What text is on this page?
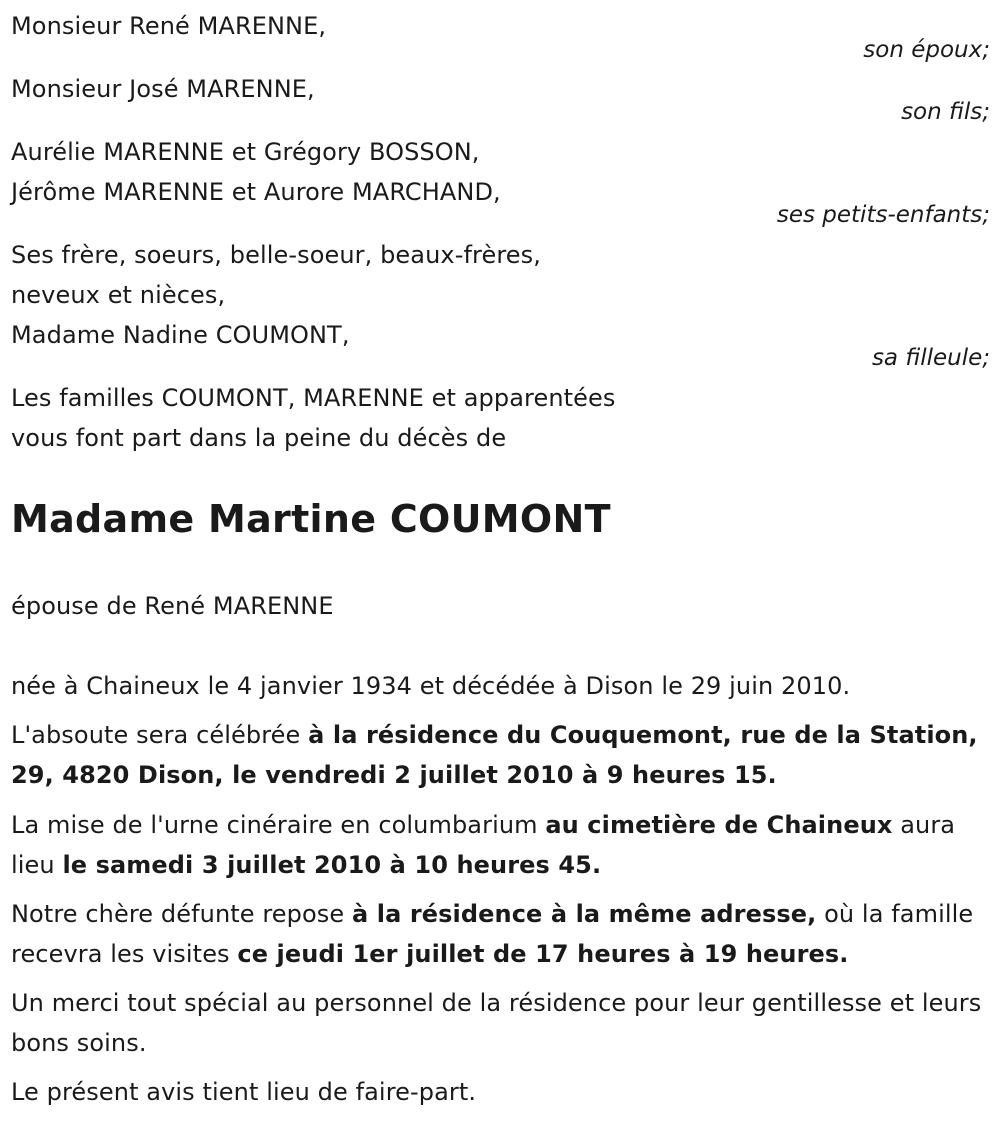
Monsieur René MARENNE,
son époux;
Monsieur José MARENNE,
son fils;
Aurélie MARENNE et Grégory BOSSON,
Jérôme MARENNE et Aurore MARCHAND,
ses petits-enfants;
Ses frère, soeurs, belle-soeur, beaux-frères,
neveux et nièces,
Madame Nadine COUMONT,
sa filleule;
Les familles COUMONT, MARENNE et apparentées
vous font part dans la peine du décès de
Madame Martine COUMONT
épouse de René MARENNE
née à Chaineux le 4 janvier 1934 et décédée à Dison le 29 juin 2010.
L'absoute sera célébrée à la résidence du Couquemont, rue de la Station, 29, 4820 Dison, le vendredi 2 juillet 2010 à 9 heures 15.
La mise de l'urne cinéraire en columbarium au cimetière de Chaineux aura lieu le samedi 3 juillet 2010 à 10 heures 45.
Notre chère défunte repose à la résidence à la même adresse, où la famille recevra les visites ce jeudi 1er juillet de 17 heures à 19 heures.
Un merci tout spécial au personnel de la résidence pour leur gentillesse et leurs bons soins.
Le présent avis tient lieu de faire-part.
